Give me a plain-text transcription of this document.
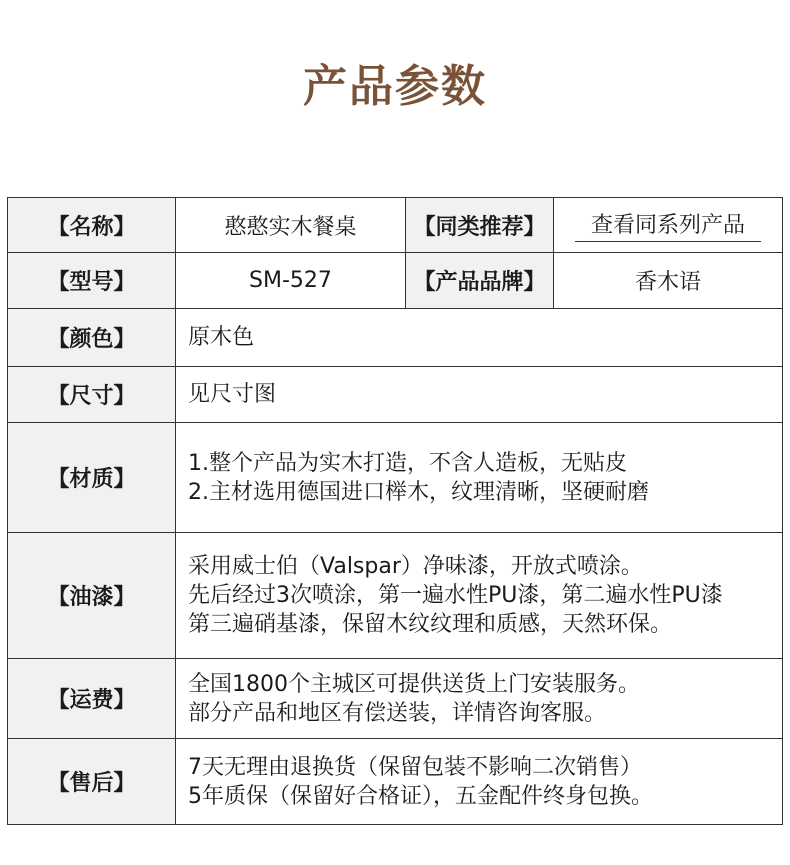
产品参数
【名称】	憨憨实木餐桌	【同类推荐】	查看同系列产品
【型号】	SM-527	【产品品牌】	香木语
【颜色】	原木色		
【尺寸】	见尺寸图		
【材质】	1.整个产品为实木打造，不含人造板，无贴皮
2.主材选用德国进口榉木，纹理清晰，坚硬耐磨		

【油漆】	采用威士伯（Valspar）净味漆，开放式喷涂。
先后经过3次喷涂，第一遍水性PU漆，第二遍水性PU漆
第三遍硝基漆，保留木纹纹理和质感，天然环保。		

【运费】	全国1800个主城区可提供送货上门安装服务。
部分产品和地区有偿送装，详情咨询客服。		

【售后】	7天无理由退换货（保留包装不影响二次销售）
5年质保（保留好合格证），五金配件终身包换。		
